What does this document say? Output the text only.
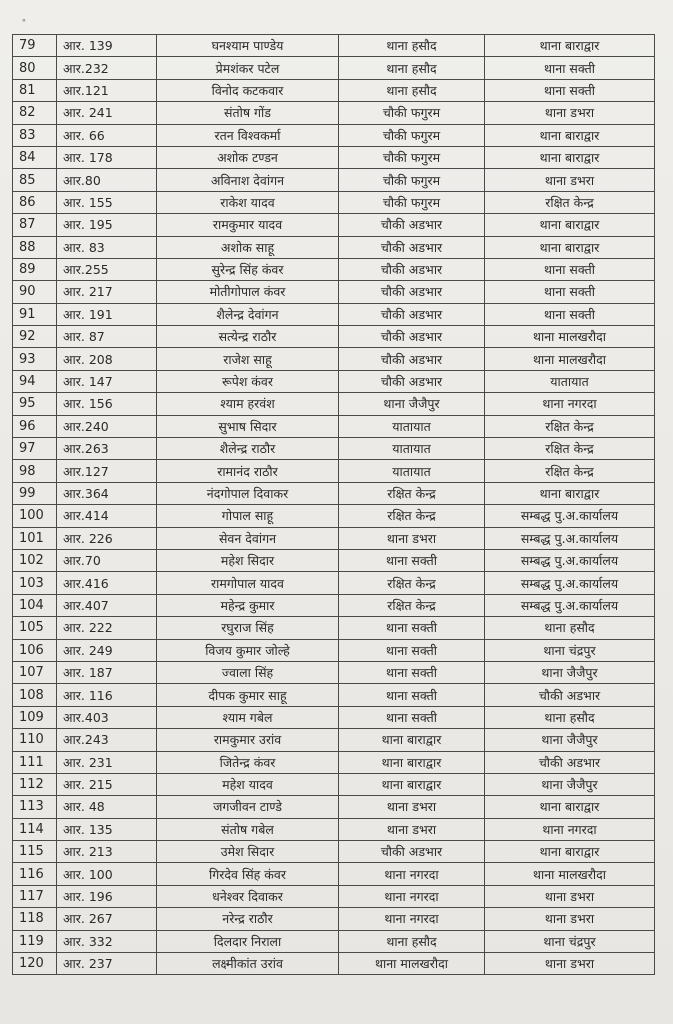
॰
79	आर. 139	घनश्याम पाण्डेय	थाना हसौद	थाना बाराद्वार
80	आर.232	प्रेमशंकर पटेल	थाना हसौद	थाना सक्ती
81	आर.121	विनोद कटकवार	थाना हसौद	थाना सक्ती
82	आर. 241	संतोष गोंड	चौकी फगुरम	थाना डभरा
83	आर. 66	रतन विश्वकर्मा	चौकी फगुरम	थाना बाराद्वार
84	आर. 178	अशोक टण्डन	चौकी फगुरम	थाना बाराद्वार
85	आर.80	अविनाश देवांगन	चौकी फगुरम	थाना डभरा
86	आर. 155	राकेश यादव	चौकी फगुरम	रक्षित केन्द्र
87	आर. 195	रामकुमार यादव	चौकी अडभार	थाना बाराद्वार
88	आर. 83	अशोक साहू	चौकी अडभार	थाना बाराद्वार
89	आर.255	सुरेन्द्र सिंह कंवर	चौकी अडभार	थाना सक्ती
90	आर. 217	मोतीगोपाल कंवर	चौकी अडभार	थाना सक्ती
91	आर. 191	शैलेन्द्र देवांगन	चौकी अडभार	थाना सक्ती
92	आर. 87	सत्येन्द्र राठौर	चौकी अडभार	थाना मालखरौदा
93	आर. 208	राजेश साहू	चौकी अडभार	थाना मालखरौदा
94	आर. 147	रूपेश कंवर	चौकी अडभार	यातायात
95	आर. 156	श्याम हरवंश	थाना जैजैपुर	थाना नगरदा
96	आर.240	सुभाष सिदार	यातायात	रक्षित केन्द्र
97	आर.263	शैलेन्द्र राठौर	यातायात	रक्षित केन्द्र
98	आर.127	रामानंद राठौर	यातायात	रक्षित केन्द्र
99	आर.364	नंदगोपाल दिवाकर	रक्षित केन्द्र	थाना बाराद्वार
100	आर.414	गोपाल साहू	रक्षित केन्द्र	सम्बद्ध पु.अ.कार्यालय
101	आर. 226	सेवन देवांगन	थाना डभरा	सम्बद्ध पु.अ.कार्यालय
102	आर.70	महेश सिदार	थाना सक्ती	सम्बद्ध पु.अ.कार्यालय
103	आर.416	रामगोपाल यादव	रक्षित केन्द्र	सम्बद्ध पु.अ.कार्यालय
104	आर.407	महेन्द्र कुमार	रक्षित केन्द्र	सम्बद्ध पु.अ.कार्यालय
105	आर. 222	रघुराज सिंह	थाना सक्ती	थाना हसौद
106	आर. 249	विजय कुमार जोल्हे	थाना सक्ती	थाना चंद्रपुर
107	आर. 187	ज्वाला सिंह	थाना सक्ती	थाना जैजैपुर
108	आर. 116	दीपक कुमार साहू	थाना सक्ती	चौकी अडभार
109	आर.403	श्याम गबेल	थाना सक्ती	थाना हसौद
110	आर.243	रामकुमार उरांव	थाना बाराद्वार	थाना जैजैपुर
111	आर. 231	जितेन्द्र कंवर	थाना बाराद्वार	चौकी अडभार
112	आर. 215	महेश यादव	थाना बाराद्वार	थाना जैजैपुर
113	आर. 48	जगजीवन टाण्डे	थाना डभरा	थाना बाराद्वार
114	आर. 135	संतोष गबेल	थाना डभरा	थाना नगरदा
115	आर. 213	उमेश सिदार	चौकी अडभार	थाना बाराद्वार
116	आर. 100	गिरदेव सिंह कंवर	थाना नगरदा	थाना मालखरौदा
117	आर. 196	धनेश्वर दिवाकर	थाना नगरदा	थाना डभरा
118	आर. 267	नरेन्द्र राठौर	थाना नगरदा	थाना डभरा
119	आर. 332	दिलदार निराला	थाना हसौद	थाना चंद्रपुर
120	आर. 237	लक्ष्मीकांत उरांव	थाना मालखरौदा	थाना डभरा
